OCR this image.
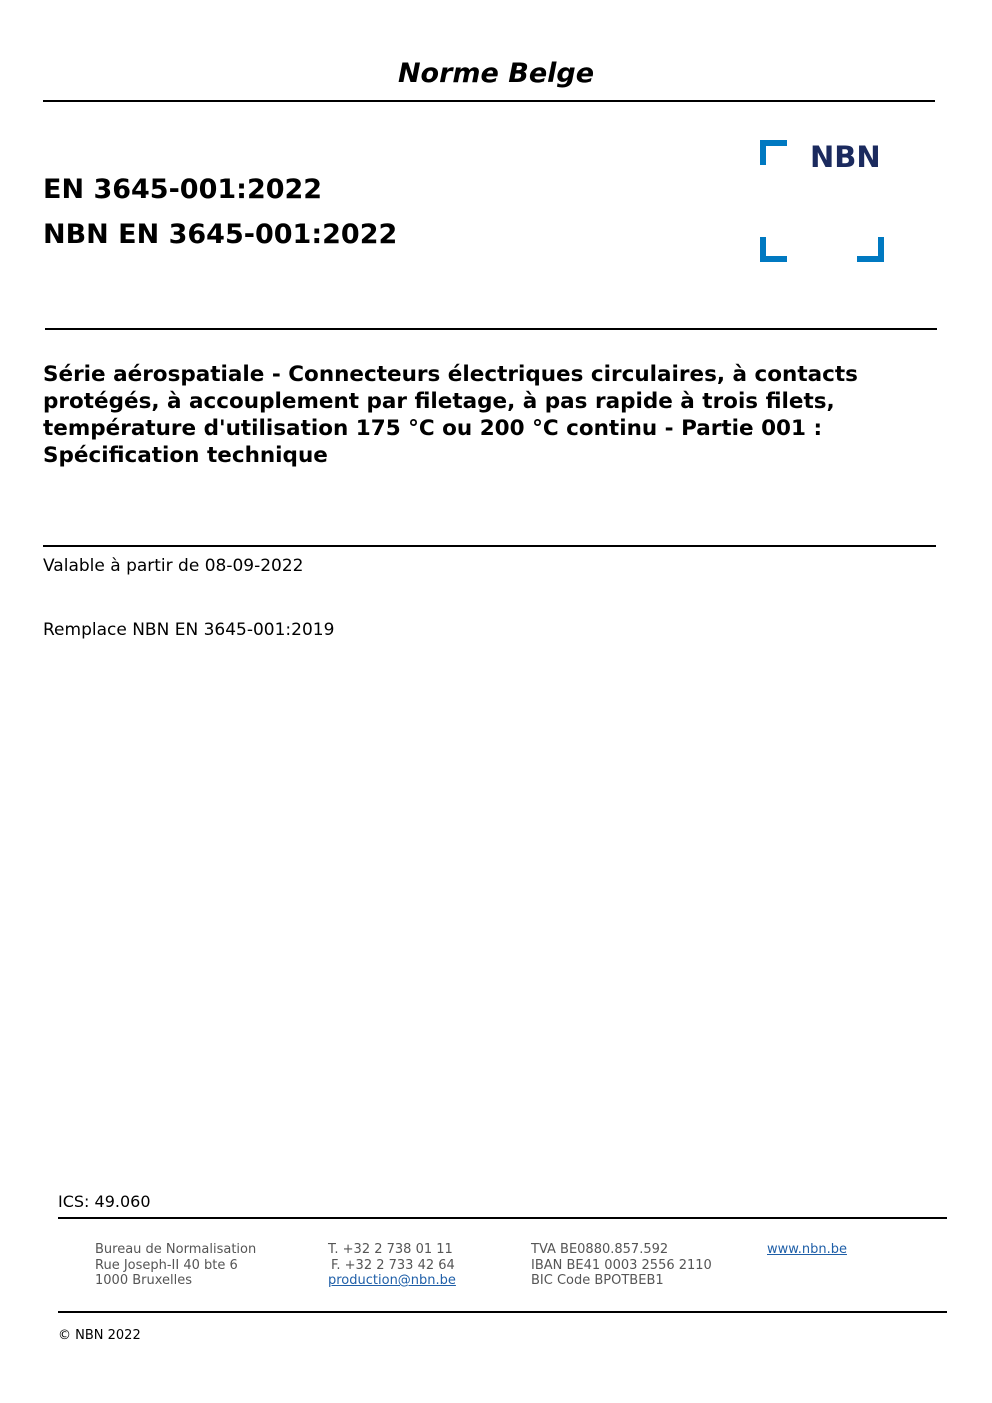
Norme Belge
EN 3645-001:2022
NBN EN 3645-001:2022
NBN
Série aérospatiale - Connecteurs électriques circulaires, à contacts protégés, à accouplement par filetage, à pas rapide à trois filets, température d'utilisation 175 °C ou 200 °C continu - Partie 001 : Spécification technique
Valable à partir de 08-09-2022
Remplace NBN EN 3645-001:2019
ICS: 49.060
Bureau de Normalisation
Rue Joseph-II 40 bte 6
1000 Bruxelles
T. +32 2 738 01 11
F. +32 2 733 42 64
production@nbn.be
TVA BE0880.857.592
IBAN BE41 0003 2556 2110
BIC Code BPOTBEB1
www.nbn.be
© NBN 2022
